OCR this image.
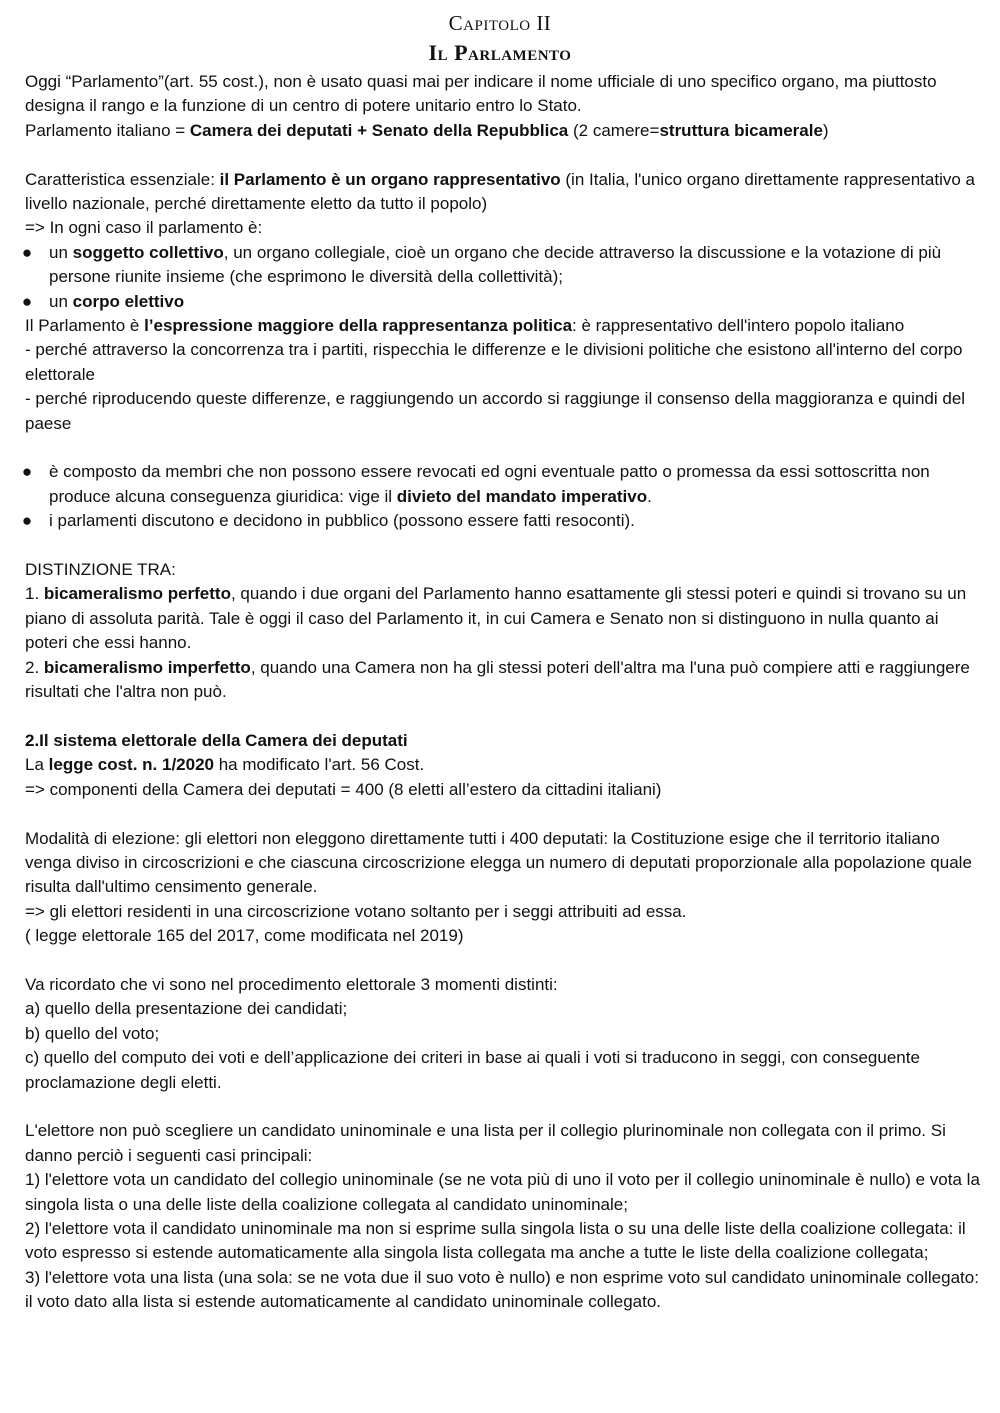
Capitolo II
Il Parlamento

Oggi “Parlamento”(art. 55 cost.), non è usato quasi mai per indicare il nome ufficiale di uno specifico organo, ma piuttosto designa il rango e la funzione di un centro di potere unitario entro lo Stato.

Parlamento italiano = Camera dei deputati + Senato della Repubblica (2 camere=struttura bicamerale)

Caratteristica essenziale: il Parlamento è un organo rappresentativo (in Italia, l'unico organo direttamente rappresentativo a livello nazionale, perché direttamente eletto da tutto il popolo)

=> In ogni caso il parlamento è:

● un soggetto collettivo, un organo collegiale, cioè un organo che decide attraverso la discussione e la votazione di più persone riunite insieme (che esprimono le diversità della collettività);
● un corpo elettivo

Il Parlamento è l’espressione maggiore della rappresentanza politica: è rappresentativo dell'intero popolo italiano

- perché attraverso la concorrenza tra i partiti, rispecchia le differenze e le divisioni politiche che esistono all'interno del corpo elettorale

- perché riproducendo queste differenze, e raggiungendo un accordo si raggiunge il consenso della maggioranza e quindi del paese

● è composto da membri che non possono essere revocati ed ogni eventuale patto o promessa da essi sottoscritta non produce alcuna conseguenza giuridica: vige il divieto del mandato imperativo.
● i parlamenti discutono e decidono in pubblico (possono essere fatti resoconti).

DISTINZIONE TRA:

1. bicameralismo perfetto, quando i due organi del Parlamento hanno esattamente gli stessi poteri e quindi si trovano su un piano di assoluta parità. Tale è oggi il caso del Parlamento it, in cui Camera e Senato non si distinguono in nulla quanto ai poteri che essi hanno.

2. bicameralismo imperfetto, quando una Camera non ha gli stessi poteri dell'altra ma l'una può compiere atti e raggiungere risultati che l'altra non può.

2.Il sistema elettorale della Camera dei deputati

La legge cost. n. 1/2020 ha modificato l'art. 56 Cost.

=> componenti della Camera dei deputati = 400 (8 eletti all’estero da cittadini italiani)

Modalità di elezione: gli elettori non eleggono direttamente tutti i 400 deputati: la Costituzione esige che il territorio italiano venga diviso in circoscrizioni e che ciascuna circoscrizione elegga un numero di deputati proporzionale alla popolazione quale risulta dall'ultimo censimento generale.

=> gli elettori residenti in una circoscrizione votano soltanto per i seggi attribuiti ad essa.

( legge elettorale 165 del 2017, come modificata nel 2019)

Va ricordato che vi sono nel procedimento elettorale 3 momenti distinti:

a) quello della presentazione dei candidati;

b) quello del voto;

c) quello del computo dei voti e dell’applicazione dei criteri in base ai quali i voti si traducono in seggi, con conseguente proclamazione degli eletti.

L'elettore non può scegliere un candidato uninominale e una lista per il collegio plurinominale non collegata con il primo. Si danno perciò i seguenti casi principali:

1) l'elettore vota un candidato del collegio uninominale (se ne vota più di uno il voto per il collegio uninominale è nullo) e vota la singola lista o una delle liste della coalizione collegata al candidato uninominale;

2) l'elettore vota il candidato uninominale ma non si esprime sulla singola lista o su una delle liste della coalizione collegata: il voto espresso si estende automaticamente alla singola lista collegata ma anche a tutte le liste della coalizione collegata;

3) l'elettore vota una lista (una sola: se ne vota due il suo voto è nullo) e non esprime voto sul candidato uninominale collegato: il voto dato alla lista si estende automaticamente al candidato uninominale collegato.
